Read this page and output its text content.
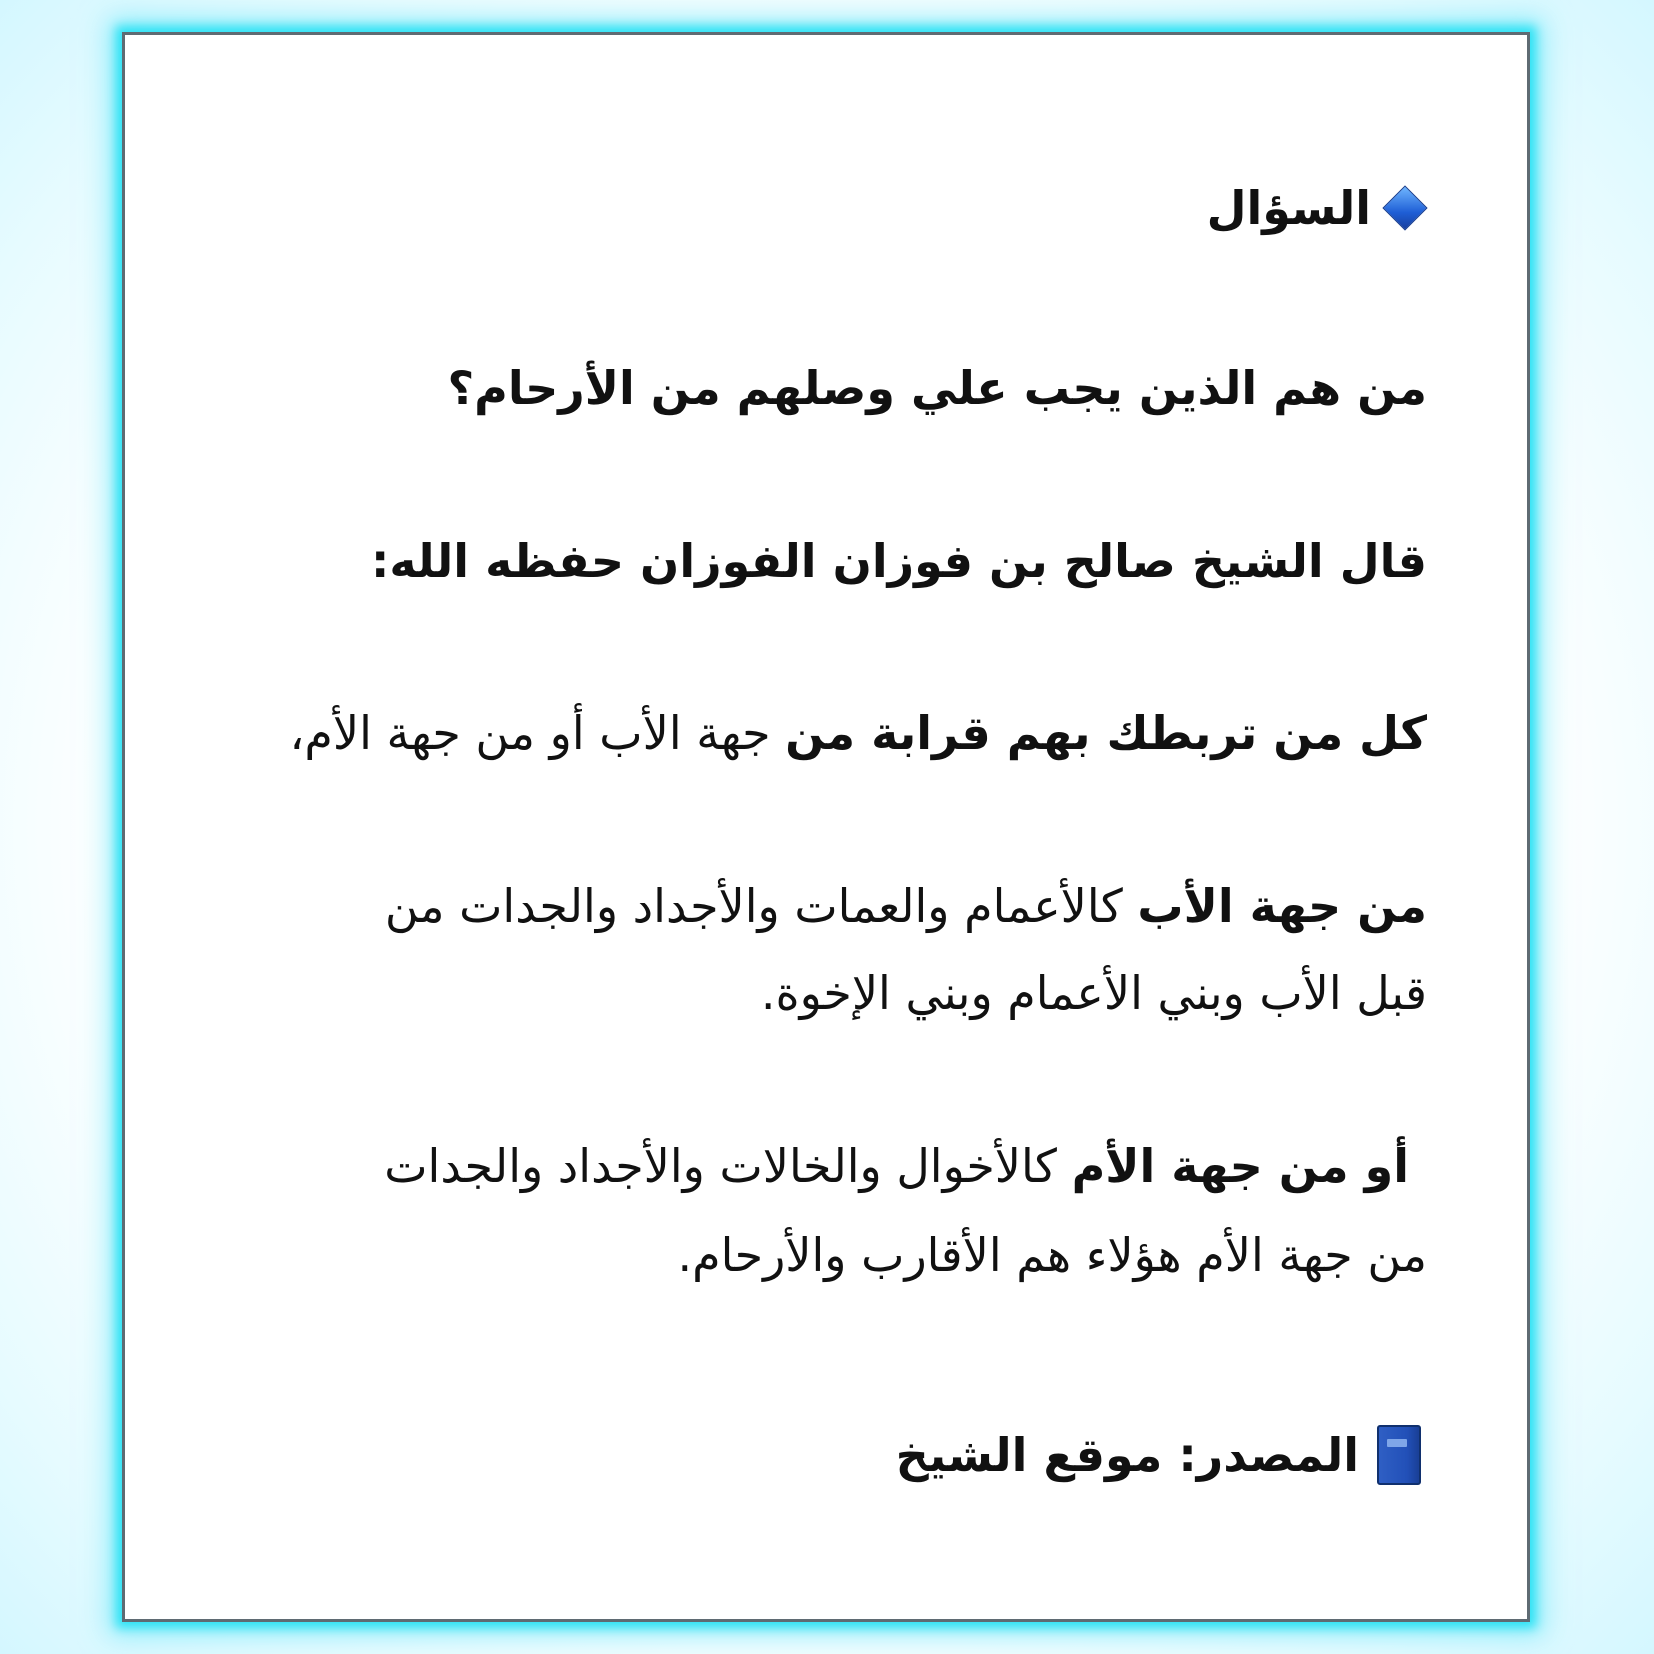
السؤال
من هم الذين يجب علي وصلهم من الأرحام؟
قال الشيخ صالح بن فوزان الفوزان حفظه الله:
كل من تربطك بهم قرابة من جهة الأب أو من جهة الأم،
من جهة الأب كالأعمام والعمات والأجداد والجدات من
قبل الأب وبني الأعمام وبني الإخوة.
أو من جهة الأم كالأخوال والخالات والأجداد والجدات
من جهة الأم هؤلاء هم الأقارب والأرحام.
المصدر: موقع الشيخ
